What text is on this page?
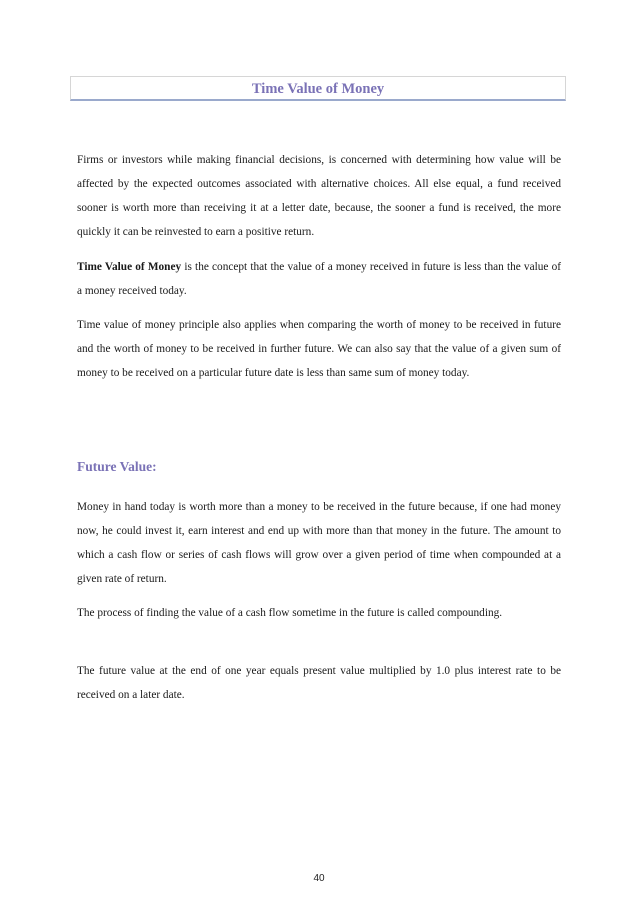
Time Value of Money

Firms or investors while making financial decisions, is concerned with determining how value will be affected by the expected outcomes associated with alternative choices. All else equal, a fund received sooner is worth more than receiving it at a letter date, because, the sooner a fund is received, the more quickly it can be reinvested to earn a positive return.

Time Value of Money is the concept that the value of a money received in future is less than the value of a money received today.

Time value of money principle also applies when comparing the worth of money to be received in future and the worth of money to be received in further future. We can also say that the value of a given sum of money to be received on a particular future date is less than same sum of money today.

Future Value:

Money in hand today is worth more than a money to be received in the future because, if one had money now, he could invest it, earn interest and end up with more than that money in the future. The amount to which a cash flow or series of cash flows will grow over a given period of time when compounded at a given rate of return.

The process of finding the value of a cash flow sometime in the future is called compounding.

The future value at the end of one year equals present value multiplied by 1.0 plus interest rate to be received on a later date.

40
